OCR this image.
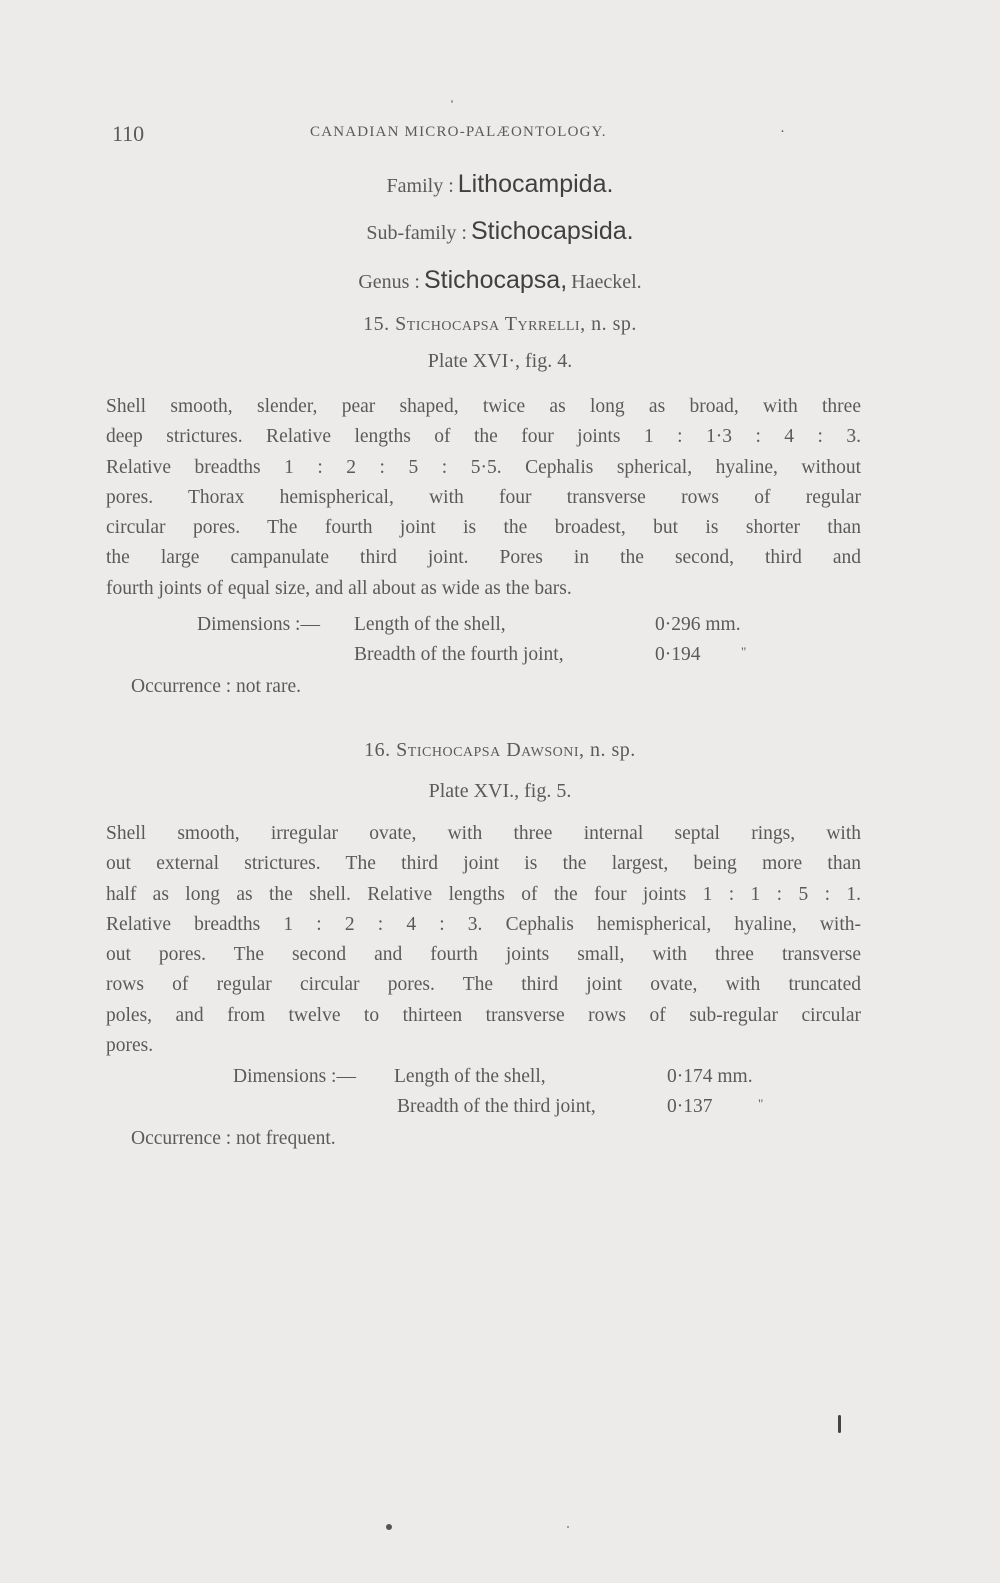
110	CANADIAN MICRO-PALÆONTOLOGY.	·
Family : Lithocampida.
Sub-family : Stichocapsida.
Genus : Stichocapsa, Haeckel.
15. Stichocapsa Tyrrelli, n. sp.
Plate XVI·, fig. 4.
Shell smooth, slender, pear shaped, twice as long as broad, with three
deep strictures. Relative lengths of the four joints 1 : 1·3 : 4 : 3.
Relative breadths 1 : 2 : 5 : 5·5. Cephalis spherical, hyaline, without
pores. Thorax hemispherical, with four transverse rows of regular
circular pores. The fourth joint is the broadest, but is shorter than
the large campanulate third joint. Pores in the second, third and
fourth joints of equal size, and all about as wide as the bars.
Dimensions :— Length of the shell,	0·296 mm.
Breadth of the fourth joint,	0·194	"
Occurrence : not rare.
16. Stichocapsa Dawsoni, n. sp.
Plate XVI., fig. 5.
Shell smooth, irregular ovate, with three internal septal rings, with
out external strictures. The third joint is the largest, being more than
half as long as the shell. Relative lengths of the four joints 1 : 1 : 5 : 1.
Relative breadths 1 : 2 : 4 : 3. Cephalis hemispherical, hyaline, with-
out pores. The second and fourth joints small, with three transverse
rows of regular circular pores. The third joint ovate, with truncated
poles, and from twelve to thirteen transverse rows of sub-regular circular
pores.
Dimensions :— Length of the shell,	0·174 mm.
Breadth of the third joint,	0·137	"
Occurrence : not frequent.
